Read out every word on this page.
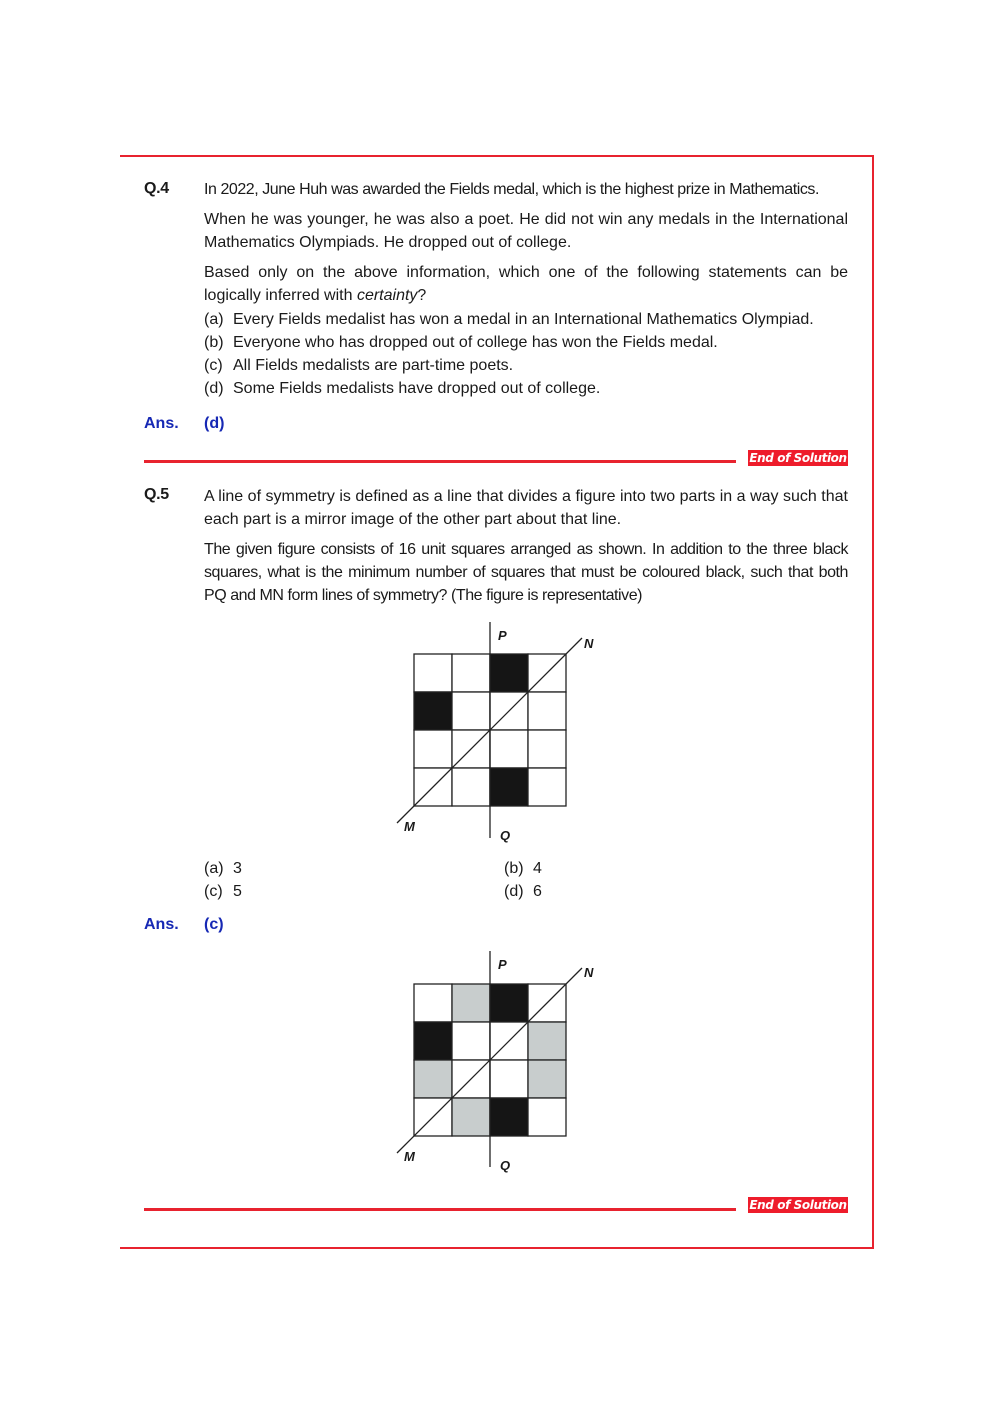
Q.4 In 2022, June Huh was awarded the Fields medal, which is the highest prize in Mathematics.
When he was younger, he was also a poet. He did not win any medals in the International Mathematics Olympiads. He dropped out of college.
Based only on the above information, which one of the following statements can be logically inferred with certainty?
(a) Every Fields medalist has won a medal in an International Mathematics Olympiad.
(b) Everyone who has dropped out of college has won the Fields medal.
(c) All Fields medalists are part-time poets.
(d) Some Fields medalists have dropped out of college.
Ans. (d)
End of Solution
Q.5 A line of symmetry is defined as a line that divides a figure into two parts in a way such that each part is a mirror image of the other part about that line.
The given figure consists of 16 unit squares arranged as shown. In addition to the three black squares, what is the minimum number of squares that must be coloured black, such that both PQ and MN form lines of symmetry? (The figure is representative)
P
N
M
Q
(a) 3	(b) 4
(c) 5	(d) 6
Ans. (c)
P
N
M
Q
End of Solution
